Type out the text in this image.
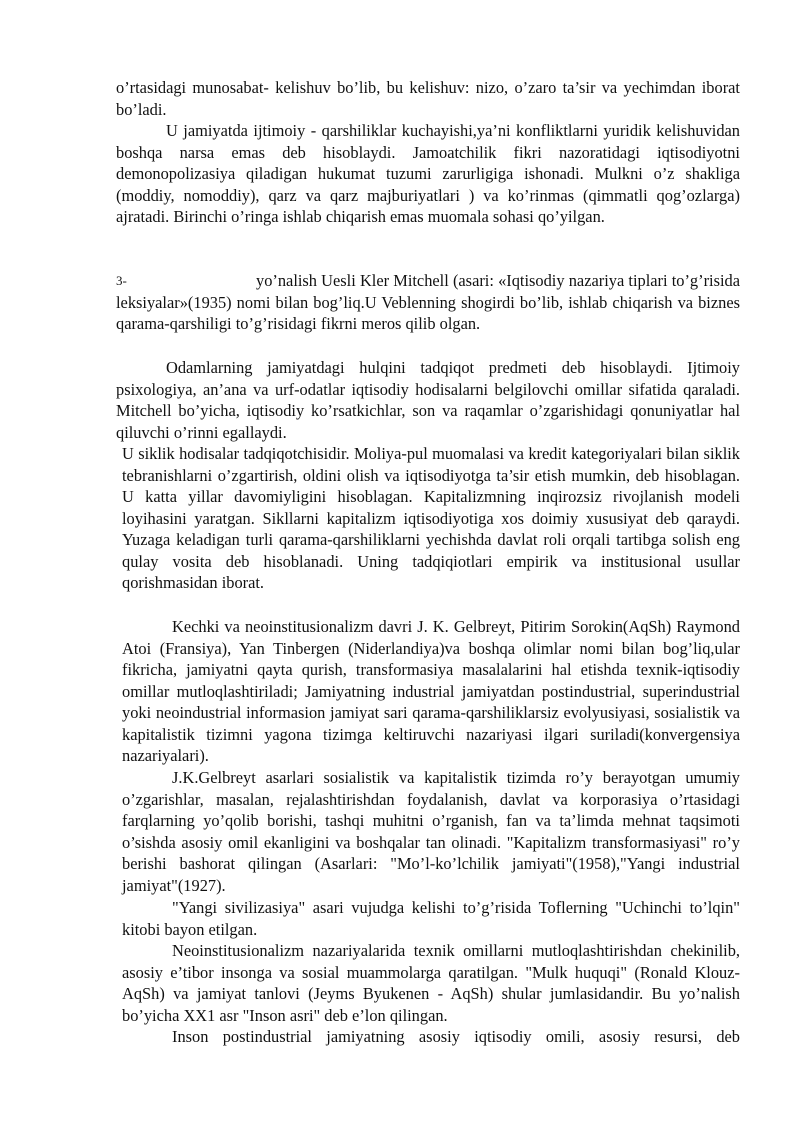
o’rtasidagi munosabat- kelishuv bo’lib, bu kelishuv: nizo, o’zaro ta’sir va yechimdan iborat bo’ladi.

U jamiyatda ijtimoiy - qarshiliklar kuchayishi,ya’ni konfliktlarni yuridik kelishuvidan boshqa narsa emas deb hisoblaydi. Jamoatchilik fikri nazoratidagi iqtisodiyotni demonopolizasiya qiladigan hukumat tuzumi zarurligiga ishonadi. Mulkni o’z shakliga (moddiy, nomoddiy), qarz va qarz majburiyatlari ) va ko’rinmas (qimmatli qog’ozlarga) ajratadi. Birinchi o’ringa ishlab chiqarish emas muomala sohasi qo’yilgan.

3-	yo’nalish Uesli Kler Mitchell (asari: «Iqtisodiy nazariya tiplari to’g’risida leksiyalar»(1935) nomi bilan bog’liq.U Veblenning shogirdi bo’lib, ishlab chiqarish va biznes qarama-qarshiligi to’g’risidagi fikrni meros qilib olgan.

Odamlarning jamiyatdagi hulqini tadqiqot predmeti deb hisoblaydi. Ijtimoiy psixologiya, an’ana va urf-odatlar iqtisodiy hodisalarni belgilovchi omillar sifatida qaraladi. Mitchell bo’yicha, iqtisodiy ko’rsatkichlar, son va raqamlar o’zgarishidagi qonuniyatlar hal qiluvchi o’rinni egallaydi.

U siklik hodisalar tadqiqotchisidir. Moliya-pul muomalasi va kredit kategoriyalari bilan siklik tebranishlarni o’zgartirish, oldini olish va iqtisodiyotga ta’sir etish mumkin, deb hisoblagan. U katta yillar davomiyligini hisoblagan. Kapitalizmning inqirozsiz rivojlanish modeli loyihasini yaratgan. Sikllarni kapitalizm iqtisodiyotiga xos doimiy xususiyat deb qaraydi. Yuzaga keladigan turli qarama-qarshiliklarni yechishda davlat roli orqali tartibga solish eng qulay vosita deb hisoblanadi. Uning tadqiqiotlari empirik va institusional usullar qorishmasidan iborat.

Kechki va neoinstitusionalizm davri J. K. Gelbreyt, Pitirim Sorokin(AqSh) Raymond Atoi (Fransiya), Yan Tinbergen (Niderlandiya)va boshqa olimlar nomi bilan bog’liq,ular fikricha, jamiyatni qayta qurish, transformasiya masalalarini hal etishda texnik-iqtisodiy omillar mutloqlashtiriladi; Jamiyatning industrial jamiyatdan postindustrial, superindustrial yoki neoindustrial informasion jamiyat sari qarama-qarshiliklarsiz evolyusiyasi, sosialistik va kapitalistik tizimni yagona tizimga keltiruvchi nazariyasi ilgari suriladi(konvergensiya nazariyalari).

J.K.Gelbreyt asarlari sosialistik va kapitalistik tizimda ro’y berayotgan umumiy o’zgarishlar, masalan, rejalashtirishdan foydalanish, davlat va korporasiya o’rtasidagi farqlarning yo’qolib borishi, tashqi muhitni o’rganish, fan va ta’limda mehnat taqsimoti o’sishda asosiy omil ekanligini va boshqalar tan olinadi. "Kapitalizm transformasiyasi" ro’y berishi bashorat qilingan (Asarlari: "Mo’l-ko’lchilik jamiyati"(1958),"Yangi industrial jamiyat"(1927).

"Yangi sivilizasiya" asari vujudga kelishi to’g’risida Toflerning "Uchinchi to’lqin" kitobi bayon etilgan.

Neoinstitusionalizm nazariyalarida texnik omillarni mutloqlashtirishdan chekinilib, asosiy e’tibor insonga va sosial muammolarga qaratilgan. "Mulk huquqi" (Ronald Klouz-AqSh) va jamiyat tanlovi (Jeyms Byukenen - AqSh) shular jumlasidandir. Bu yo’nalish bo’yicha XX1 asr "Inson asri" deb e’lon qilingan.

Inson postindustrial jamiyatning asosiy iqtisodiy omili, asosiy resursi, deb
